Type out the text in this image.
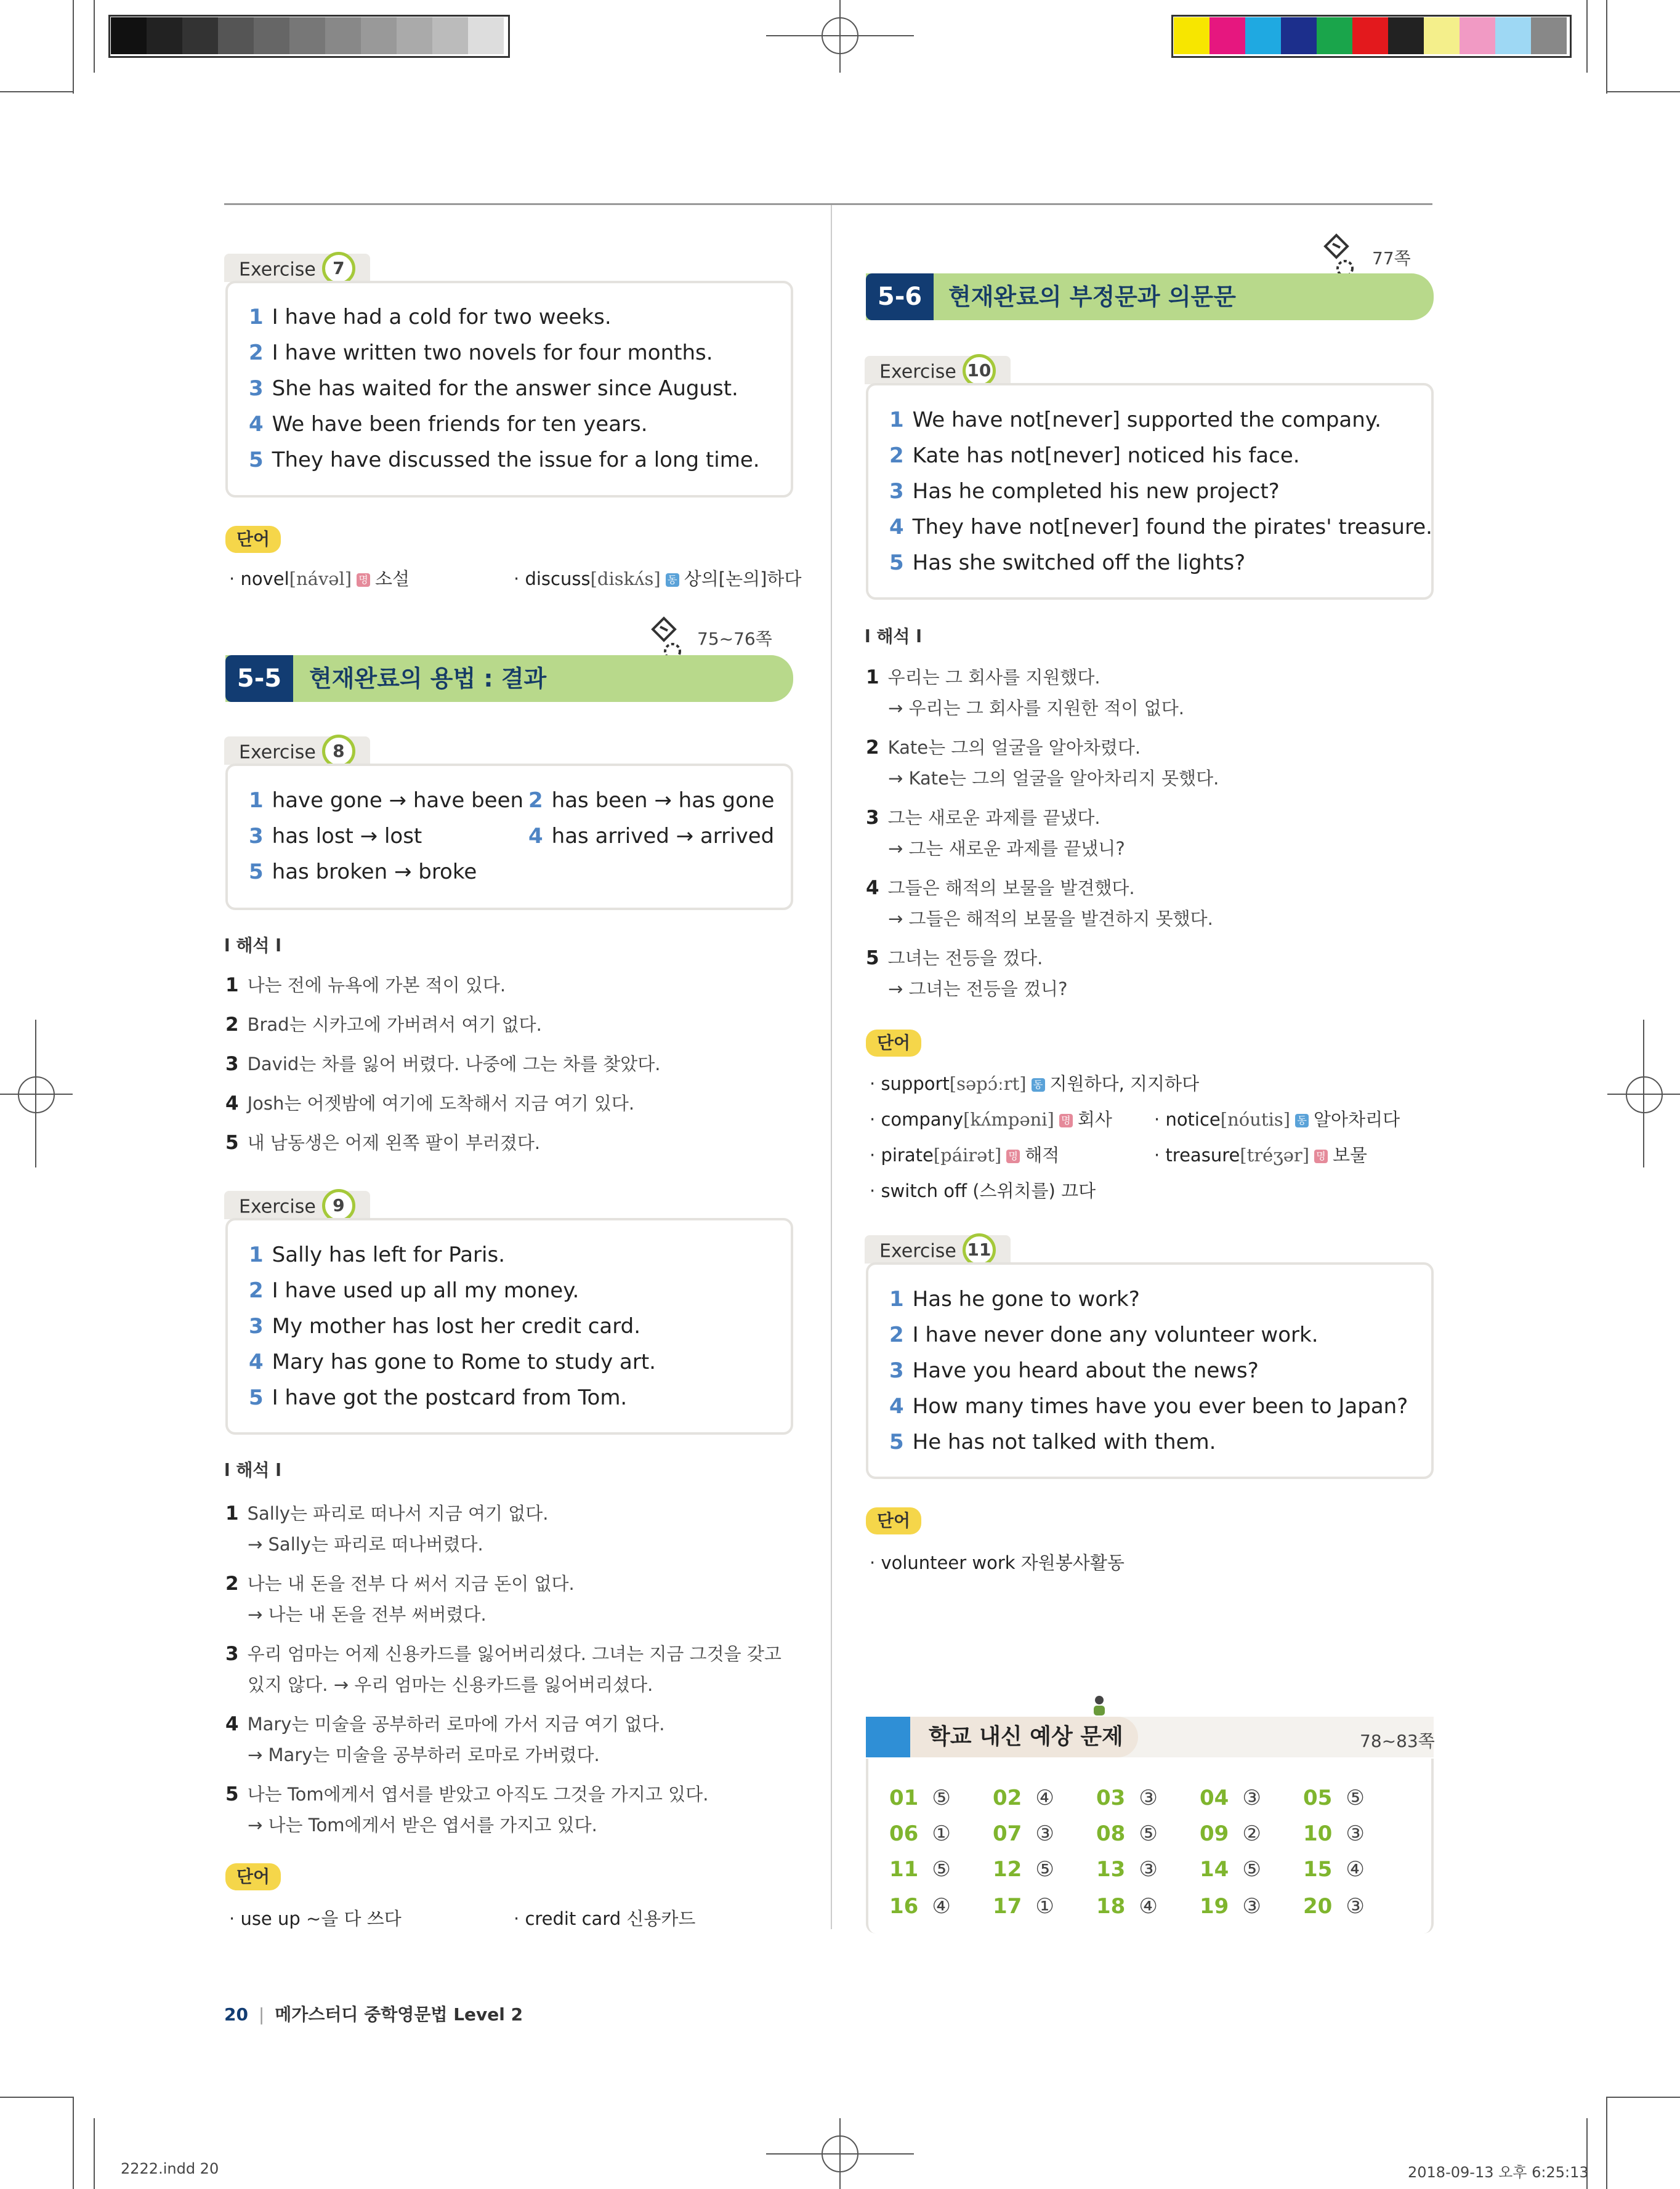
Exercise 7
1 I have had a cold for two weeks.
2 I have written two novels for four months.
3 She has waited for the answer since August.
4 We have been friends for ten years.
5 They have discussed the issue for a long time.
단어
· novel[návəl] 명 소설	· discuss[diskʌ́s] 동 상의[논의]하다
75~76쪽
5-5	현재완료의 용법 : 결과
Exercise 8
1 have gone → have been 2 has been → has gone
3 has lost → lost	4 has arrived → arrived
5 has broken → broke
l 해석 l
1 나는 전에 뉴욕에 가본 적이 있다.
2 Brad는 시카고에 가버려서 여기 없다.
3 David는 차를 잃어 버렸다. 나중에 그는 차를 찾았다.
4 Josh는 어젯밤에 여기에 도착해서 지금 여기 있다.
5 내 남동생은 어제 왼쪽 팔이 부러졌다.
Exercise 9
1 Sally has left for Paris.
2 I have used up all my money.
3 My mother has lost her credit card.
4 Mary has gone to Rome to study art.
5 I have got the postcard from Tom.
l 해석 l
1 Sally는 파리로 떠나서 지금 여기 없다.
→ Sally는 파리로 떠나버렸다.
2 나는 내 돈을 전부 다 써서 지금 돈이 없다.
→ 나는 내 돈을 전부 써버렸다.
3 우리 엄마는 어제 신용카드를 잃어버리셨다. 그녀는 지금 그것을 갖고
있지 않다. → 우리 엄마는 신용카드를 잃어버리셨다.
4 Mary는 미술을 공부하러 로마에 가서 지금 여기 없다.
→ Mary는 미술을 공부하러 로마로 가버렸다.
5 나는 Tom에게서 엽서를 받았고 아직도 그것을 가지고 있다.
→ 나는 Tom에게서 받은 엽서를 가지고 있다.
단어
· use up ~을 다 쓰다	· credit card 신용카드
77쪽
5-6	현재완료의 부정문과 의문문
Exercise 10
1 We have not[never] supported the company.
2 Kate has not[never] noticed his face.
3 Has he completed his new project?
4 They have not[never] found the pirates' treasure.
5 Has she switched off the lights?
l 해석 l
1 우리는 그 회사를 지원했다.
→ 우리는 그 회사를 지원한 적이 없다.
2 Kate는 그의 얼굴을 알아차렸다.
→ Kate는 그의 얼굴을 알아차리지 못했다.
3 그는 새로운 과제를 끝냈다.
→ 그는 새로운 과제를 끝냈니?
4 그들은 해적의 보물을 발견했다.
→ 그들은 해적의 보물을 발견하지 못했다.
5 그녀는 전등을 껐다.
→ 그녀는 전등을 껐니?
단어
· support[səpɔ́ːrt] 동 지원하다, 지지하다
· company[kʌ́mpəni] 명 회사 · notice[nóutis] 동 알아차리다
· pirate[páirət] 명 해적	· treasure[tréʒər] 명 보물
· switch off (스위치를) 끄다
Exercise 11
1 Has he gone to work?
2 I have never done any volunteer work.
3 Have you heard about the news?
4 How many times have you ever been to Japan?
5 He has not talked with them.
단어
· volunteer work 자원봉사활동
학교 내신 예상 문제	78~83쪽
01 ⑤ 02 ④ 03 ③ 04 ③ 05 ⑤
06 ① 07 ③ 08 ⑤ 09 ② 10 ③
11 ⑤ 12 ⑤ 13 ③ 14 ⑤ 15 ④
16 ④ 17 ① 18 ④ 19 ③ 20 ③
20 | 메가스터디 중학영문법 Level 2
2222.indd 20	2018-09-13 오후 6:25:13
